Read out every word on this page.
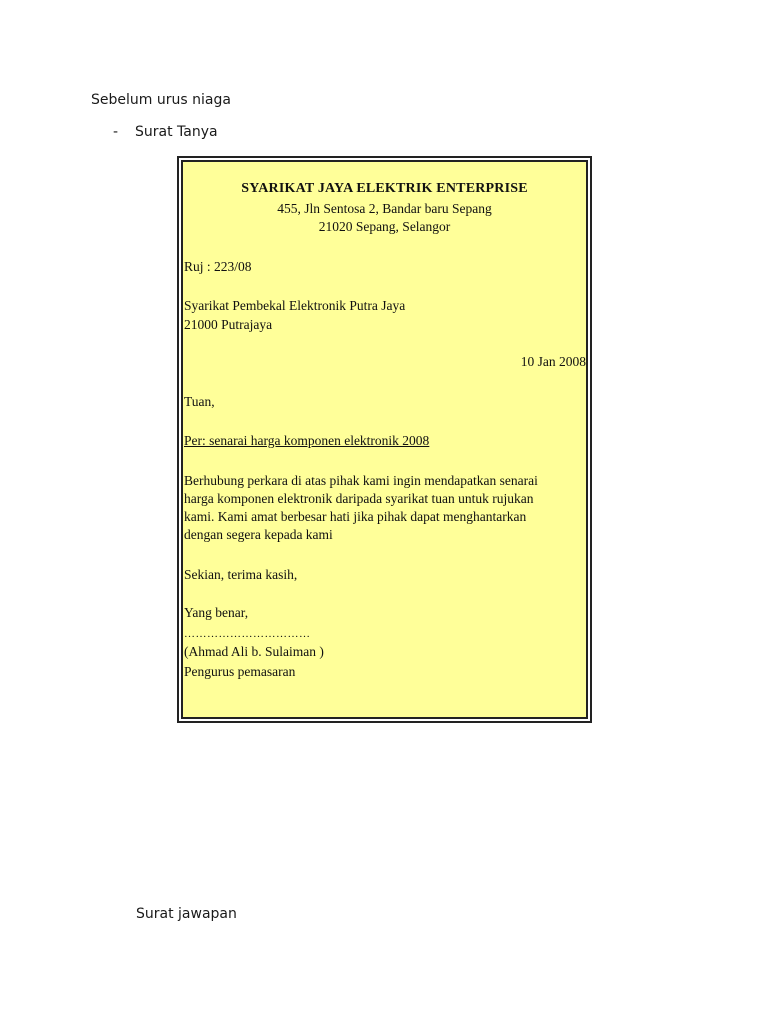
Sebelum urus niaga
-	Surat Tanya
SYARIKAT JAYA ELEKTRIK ENTERPRISE
455, Jln Sentosa 2, Bandar baru Sepang
21020 Sepang, Selangor
Ruj : 223/08
Syarikat Pembekal Elektronik Putra Jaya
21000 Putrajaya
10 Jan 2008
Tuan,
Per: senarai harga komponen elektronik 2008
Berhubung perkara di atas pihak kami ingin mendapatkan senarai
harga komponen elektronik daripada syarikat tuan untuk rujukan
kami. Kami amat berbesar hati jika pihak dapat menghantarkan
dengan segera kepada kami
Sekian, terima kasih,
Yang benar,
……………………………
(Ahmad Ali b. Sulaiman )
Pengurus pemasaran
Surat jawapan
